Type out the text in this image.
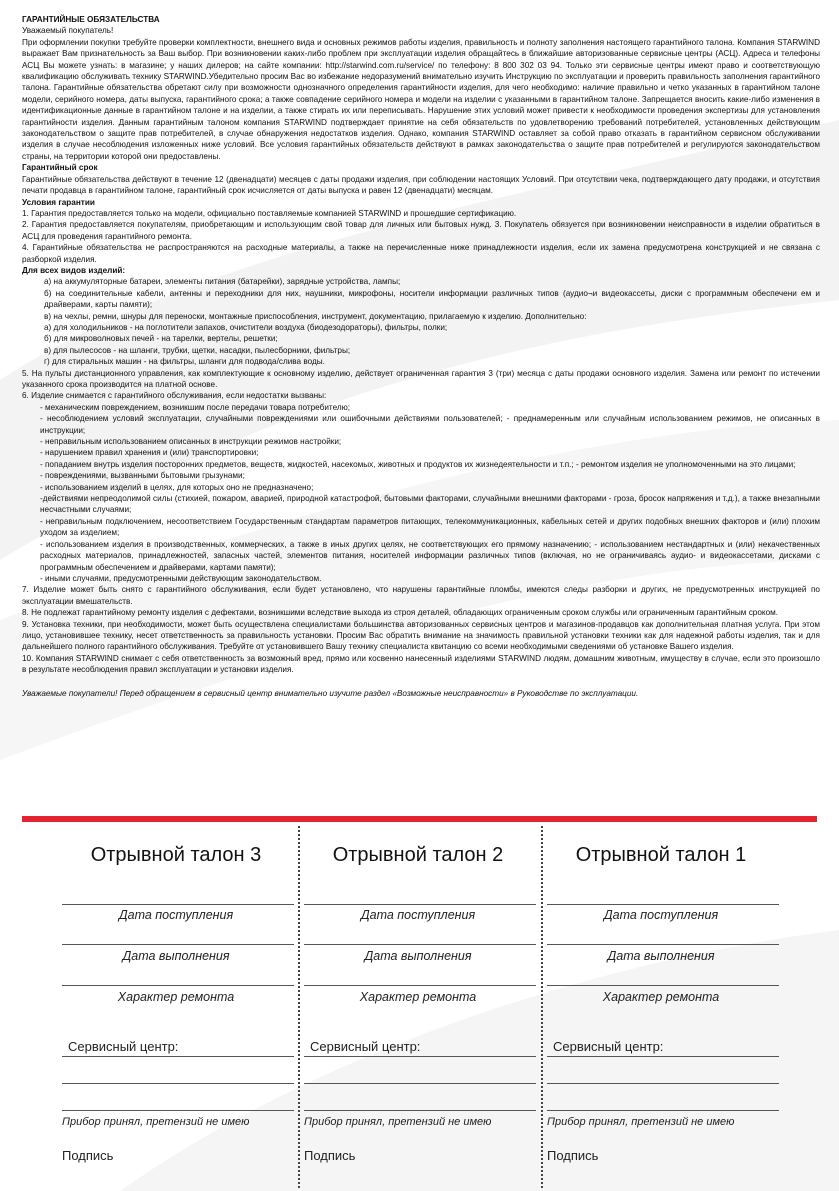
ГАРАНТИЙНЫЕ ОБЯЗАТЕЛЬСТВА

Уважаемый покупатель!

При оформлении покупки требуйте проверки комплектности, внешнего вида и основных режимов работы изделия, правильность и полноту заполнения настоящего гарантийного талона. Компания STARWIND выражает Вам признательность за Ваш выбор. При возникновении каких-либо проблем при эксплуатации изделия обращайтесь в ближайшие авторизованные сервисные центры (АСЦ). Адреса и телефоны АСЦ Вы можете узнать: в магазине; у наших дилеров; на сайте компании: http://starwind.com.ru/service/ по телефону: 8 800 302 03 94. Только эти сервисные центры имеют право и соответствующую квалификацию обслуживать технику STARWIND.Убедительно просим Вас во избежание недоразумений внимательно изучить Инструкцию по эксплуатации и проверить правильность заполнения гарантийного талона. Гарантийные обязательства обретают силу при возможности однозначного определения гарантийности изделия, для чего необходимо: наличие правильно и четко указанных в гарантийном талоне модели, серийного номера, даты выпуска, гарантийного срока; а также совпадение серийного номера и модели на изделии с указанными в гарантийном талоне. Запрещается вносить какие-либо изменения в идентификационные данные в гарантийном талоне и на изделии, а также стирать их или переписывать. Нарушение этих условий может привести к необходимости проведения экспертизы для установления гарантийности изделия. Данным гарантийным талоном компания STARWIND подтверждает принятие на себя обязательств по удовлетворению требований потребителей, установленных действующим законодательством о защите прав потребителей, в случае обнаружения недостатков изделия. Однако, компания STARWIND оставляет за собой право отказать в гарантийном сервисном обслуживании изделия в случае несоблюдения изложенных ниже условий. Все условия гарантийных обязательств действуют в рамках законодательства о защите прав потребителей и регулируются законодательством страны, на территории которой они предоставлены.

Гарантийный срок

Гарантийные обязательства действуют в течение 12 (двенадцати) месяцев с даты продажи изделия, при соблюдении настоящих Условий. При отсутствии чека, подтверждающего дату продажи, и отсутствия печати продавца в гарантийном талоне, гарантийный срок исчисляется от даты выпуска и равен 12 (двенадцати) месяцам.

Условия гарантии

1. Гарантия предоставляется только на модели, официально поставляемые компанией STARWIND и прошедшие сертификацию.

2. Гарантия предоставляется покупателям, приобретающим и использующим свой товар для личных или бытовых нужд. 3. Покупатель обязуется при возникновении неисправности в изделии обратиться в АСЦ для проведения гарантийного ремонта.

4. Гарантийные обязательства не распространяются на расходные материалы, а также на перечисленные ниже принадлежности изделия, если их замена предусмотрена конструкцией и не связана с разборкой изделия.

Для всех видов изделий:

а) на аккумуляторные батареи, элементы питания (батарейки), зарядные устройства, лампы;

б) на соединительные кабели, антенны и переходники для них, наушники, микрофоны, носители информации различных типов (аудио¬и видеокассеты, диски с программным обеспечени ем и драйверами, карты памяти);

в) на чехлы, ремни, шнуры для переноски, монтажные приспособления, инструмент, документацию, прилагаемую к изделию. Дополнительно:

а) для холодильников - на поглотители запахов, очистители воздуха (биодезодораторы), фильтры, полки;

б) для микроволновых печей - на тарелки, вертелы, решетки;

в) для пылесосов - на шланги, трубки, щетки, насадки, пылесборники, фильтры;

г) для стиральных машин - на фильтры, шланги для подвода/слива воды.

5. На пульты дистанционного управления, как комплектующие к основному изделию, действует ограниченная гарантия 3 (три) месяца с даты продажи основного изделия. Замена или ремонт по истечении указанного срока производится на платной основе.

6. Изделие снимается с гарантийного обслуживания, если недостатки вызваны:

- механическим повреждением, возникшим после передачи товара потребителю;

- несоблюдением условий эксплуатации, случайными повреждениями или ошибочными действиями пользователей; - преднамеренным или случайным использованием режимов, не описанных в инструкции;

- неправильным использованием описанных в инструкции режимов настройки;

- нарушением правил хранения и (или) транспортировки;

- попаданием внутрь изделия посторонних предметов, веществ, жидкостей, насекомых, животных и продуктов их жизнедеятельности и т.п.; - ремонтом изделия не уполномоченными на это лицами;

- повреждениями, вызванными бытовыми грызунами;

- использованием изделий в целях, для которых оно не предназначено;

-действиями непреодолимой силы (стихией, пожаром, аварией, природной катастрофой, бытовыми факторами, случайными внешними факторами - гроза, бросок напряжения и т.д.), а также внезапными несчастными случаями;

- неправильным подключением, несоответствием Государственным стандартам параметров питающих, телекоммуникационных, кабельных сетей и других подобных внешних факторов и (или) плохим уходом за изделием;

- использованием изделия в производственных, коммерческих, а также в иных других целях, не соответствующих его прямому назначению; - использованием нестандартных и (или) некачественных расходных материалов, принадлежностей, запасных частей, элементов питания, носителей информации различных типов (включая, но не ограничиваясь аудио- и видеокассетами, дисками с программным обеспечением и драйверами, картами памяти);

- иными случаями, предусмотренными действующим законодательством.

7. Изделие может быть снято с гарантийного обслуживания, если будет установлено, что нарушены гарантийные пломбы, имеются следы разборки и других, не предусмотренных инструкцией по эксплуатации вмешательств.

8. Не подлежат гарантийному ремонту изделия с дефектами, возникшими вследствие выхода из строя деталей, обладающих ограниченным сроком службы или ограниченным гарантийным сроком.

9. Установка техники, при необходимости, может быть осуществлена специалистами большинства авторизованных сервисных центров и магазинов-продавцов как дополнительная платная услуга. При этом лицо, установившее технику, несет ответственность за правильность установки. Просим Вас обратить внимание на значимость правильной установки техники как для надежной работы изделия, так и для дальнейшего полного гарантийного обслуживания. Требуйте от установившего Вашу технику специалиста квитанцию со всеми необходимыми сведениями об установке Вашего изделия.

10. Компания STARWIND снимает с себя ответственность за возможный вред, прямо или косвенно нанесенный изделиями STARWIND людям, домашним животным, имуществу в случае, если это произошло в результате несоблюдения правил эксплуатации и установки изделия.

Уважаемые покупатели! Перед обращением в сервисный центр внимательно изучите раздел «Возможные неисправности» в Руководстве по эксплуатации.

Отрывной талон 3
Дата поступления
Дата выполнения
Характер ремонта
Сервисный центр:
Прибор принял, претензий не имею
Подпись
Отрывной талон 2
Дата поступления
Дата выполнения
Характер ремонта
Сервисный центр:
Прибор принял, претензий не имею
Подпись
Отрывной талон 1
Дата поступления
Дата выполнения
Характер ремонта
Сервисный центр:
Прибор принял, претензий не имею
Подпись
